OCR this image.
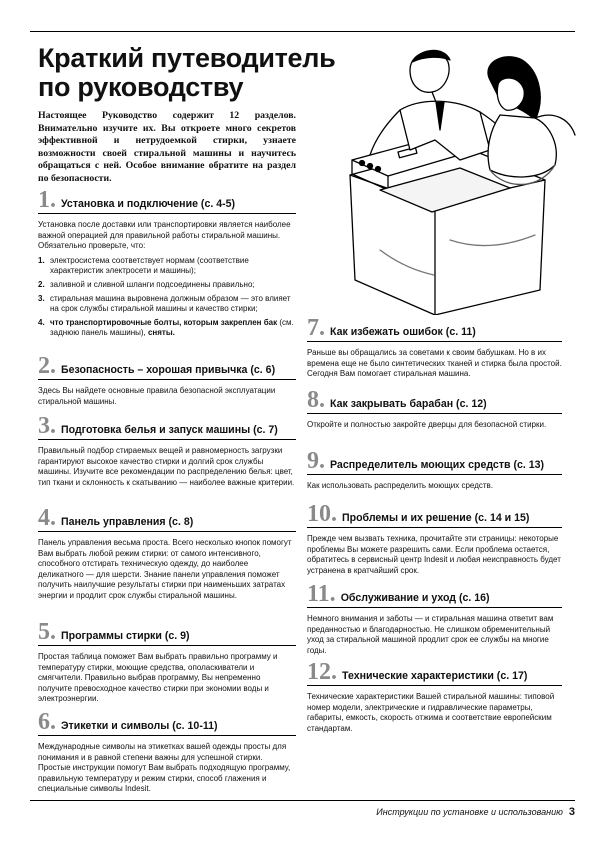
Краткий путеводитель по руководству

Настоящее Руководство содержит 12 разделов. Внимательно изучите их. Вы откроете много секретов эффективной и нетрудоемкой стирки, узнаете возможности своей стиральной машины и научитесь обращаться с ней. Особое внимание обратите на раздел по безопасности.

1. Установка и подключение (с. 4-5)

Установка после доставки или транспортировки является наиболее важной операцией для правильной работы стиральной машины. Обязательно проверьте, что:

1. электросистема соответствует нормам (соответствие характеристик электросети и машины);
2. заливной и сливной шланги подсоединены правильно;
3. стиральная машина выровнена должным образом — это влияет на срок службы стиральной машины и качество стирки;
4. что транспортировочные болты, которым закреплен бак (см. заднюю панель машины), сняты.
2. Безопасность – хорошая привычка (с. 6)

Здесь Вы найдете основные правила безопасной эксплуатации стиральной машины.

3. Подготовка белья и запуск машины (с. 7)

Правильный подбор стираемых вещей и равномерность загрузки гарантируют высокое качество стирки и долгий срок службы машины. Изучите все рекомендации по распределению белья: цвет, тип ткани и склонность к скатыванию — наиболее важные критерии.

4. Панель управления (с. 8)

Панель управления весьма проста. Всего несколько кнопок помогут Вам выбрать любой режим стирки: от самого интенсивного, способного отстирать техническую одежду, до наиболее деликатного — для шерсти. Знание панели управления поможет получить наилучшие результаты стирки при наименьших затратах энергии и продлит срок службы стиральной машины.

5. Программы стирки (с. 9)

Простая таблица поможет Вам выбрать правильно программу и температуру стирки, моющие средства, ополаскиватели и смягчители. Правильно выбрав программу, Вы непременно получите превосходное качество стирки при экономии воды и электроэнергии.

6. Этикетки и символы (с. 10-11)

Международные символы на этикетках вашей одежды просты для понимания и в равной степени важны для успешной стирки. Простые инструкции помогут Вам выбрать подходящую программу, правильную температуру и режим стирки, способ глажения и специальные символы Indesit.

7. Как избежать ошибок (с. 11)

Раньше вы обращались за советами к своим бабушкам. Но в их времена еще не было синтетических тканей и стирка была простой. Сегодня Вам помогает стиральная машина.

8. Как закрывать барабан (с. 12)

Откройте и полностью закройте дверцы для безопасной стирки.

9. Распределитель моющих средств (с. 13)

Как использовать распределить моющих средств.

10. Проблемы и их решение (с. 14 и 15)

Прежде чем вызвать техника, прочитайте эти страницы: некоторые проблемы Вы можете разрешить сами. Если проблема остается, обратитесь в сервисный центр Indesit и любая неисправность будет устранена в кратчайший срок.

11. Обслуживание и уход (с. 16)

Немного внимания и заботы — и стиральная машина ответит вам преданностью и благодарностью. Не слишком обременительный уход за стиральной машиной продлит срок ее службы на многие годы.

12. Технические характеристики (с. 17)

Технические характеристики Вашей стиральной машины: типовой номер модели, электрические и гидравлические параметры, габариты, емкость, скорость отжима и соответствие европейским стандартам.

Инструкции по установке и использованию 3
